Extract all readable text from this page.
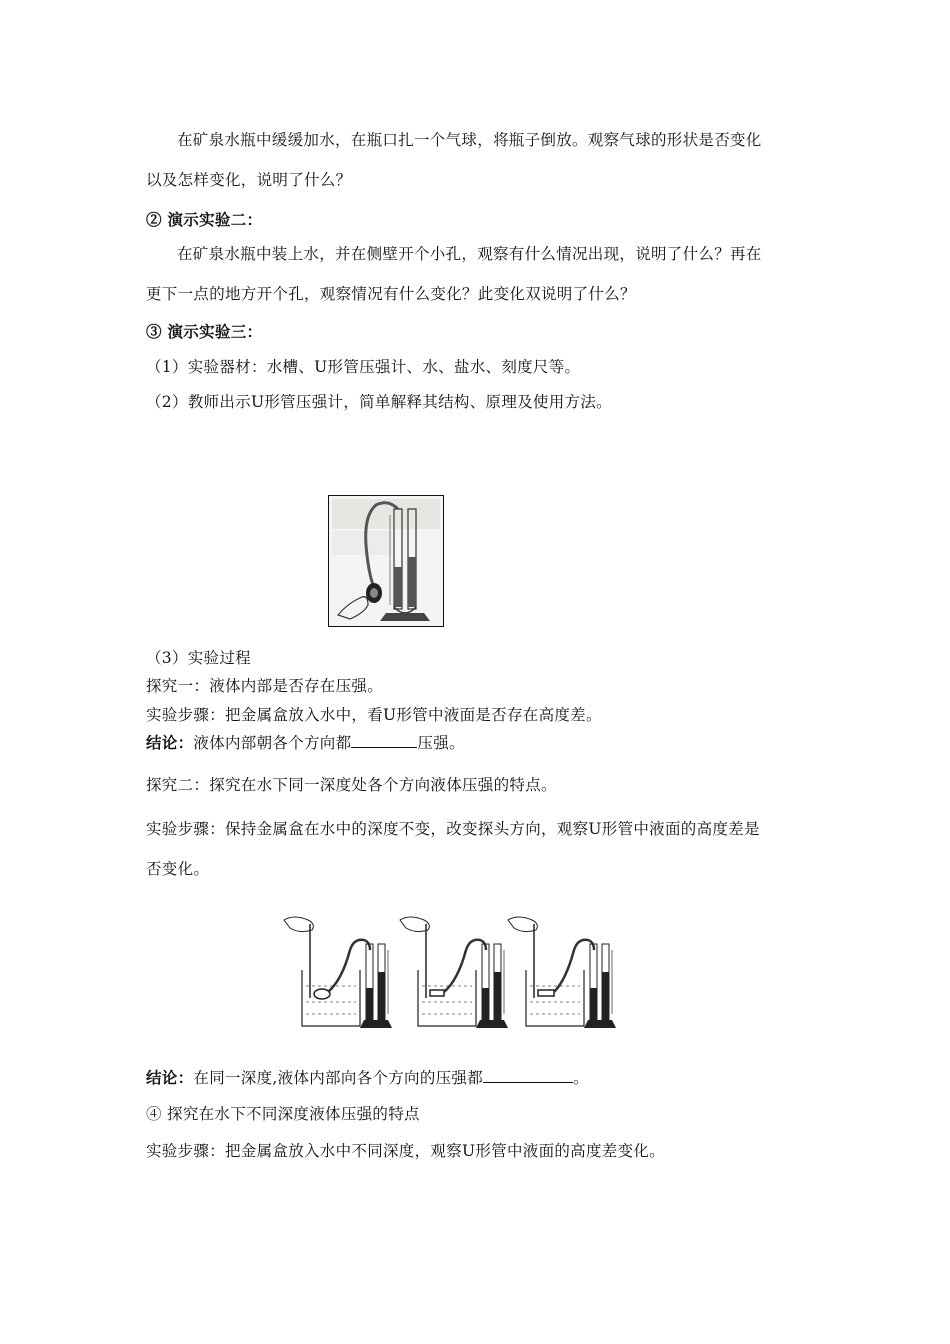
在矿泉水瓶中缓缓加水，在瓶口扎一个气球，将瓶子倒放。观察气球的形状是否变化
以及怎样变化，说明了什么？
② 演示实验二：
在矿泉水瓶中装上水，并在侧壁开个小孔，观察有什么情况出现，说明了什么？再在
更下一点的地方开个孔，观察情况有什么变化？此变化双说明了什么？
③ 演示实验三：
（1）实验器材：水槽、U形管压强计、水、盐水、刻度尺等。
（2）教师出示U形管压强计，简单解释其结构、原理及使用方法。
（3）实验过程
探究一：液体内部是否存在压强。
实验步骤：把金属盒放入水中，看U形管中液面是否存在高度差。
结论：液体内部朝各个方向都	压强。
探究二：探究在水下同一深度处各个方向液体压强的特点。
实验步骤：保持金属盒在水中的深度不变，改变探头方向，观察U形管中液面的高度差是
否变化。
结论：在同一深度,液体内部向各个方向的压强都	。
④ 探究在水下不同深度液体压强的特点
实验步骤：把金属盒放入水中不同深度，观察U形管中液面的高度差变化。
